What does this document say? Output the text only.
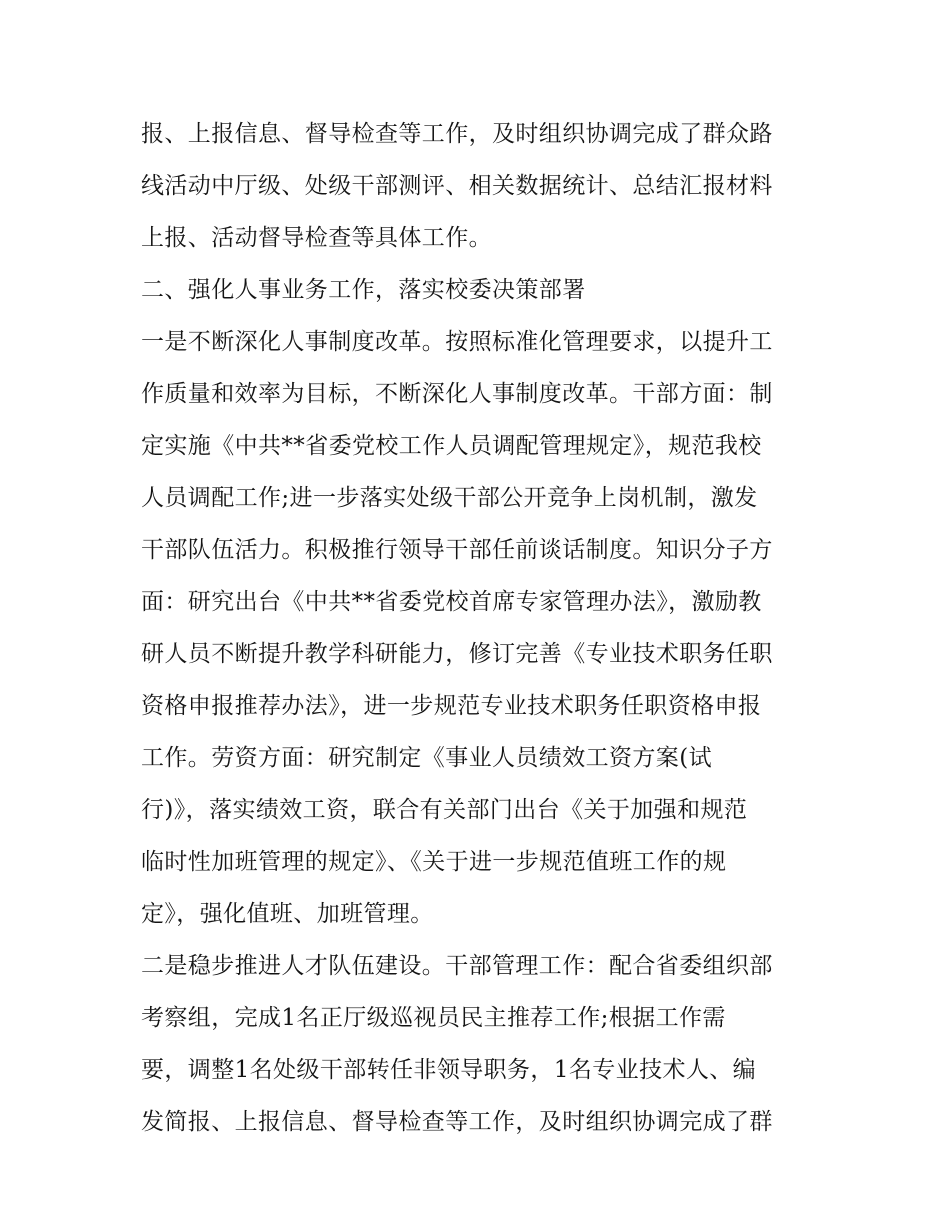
报、上报信息、督导检查等工作，及时组织协调完成了群众路
线活动中厅级、处级干部测评、相关数据统计、总结汇报材料
上报、活动督导检查等具体工作。
二、强化人事业务工作，落实校委决策部署
一是不断深化人事制度改革。按照标准化管理要求，以提升工
作质量和效率为目标，不断深化人事制度改革。干部方面：制
定实施《中共**省委党校工作人员调配管理规定》，规范我校
人员调配工作;进一步落实处级干部公开竞争上岗机制，激发
干部队伍活力。积极推行领导干部任前谈话制度。知识分子方
面：研究出台《中共**省委党校首席专家管理办法》，激励教
研人员不断提升教学科研能力，修订完善《专业技术职务任职
资格申报推荐办法》，进一步规范专业技术职务任职资格申报
工作。劳资方面：研究制定《事业人员绩效工资方案(试
行)》，落实绩效工资，联合有关部门出台《关于加强和规范
临时性加班管理的规定》、《关于进一步规范值班工作的规
定》，强化值班、加班管理。
二是稳步推进人才队伍建设。干部管理工作：配合省委组织部
考察组，完成1名正厅级巡视员民主推荐工作;根据工作需
要，调整1名处级干部转任非领导职务，1名专业技术人、编
发简报、上报信息、督导检查等工作，及时组织协调完成了群
